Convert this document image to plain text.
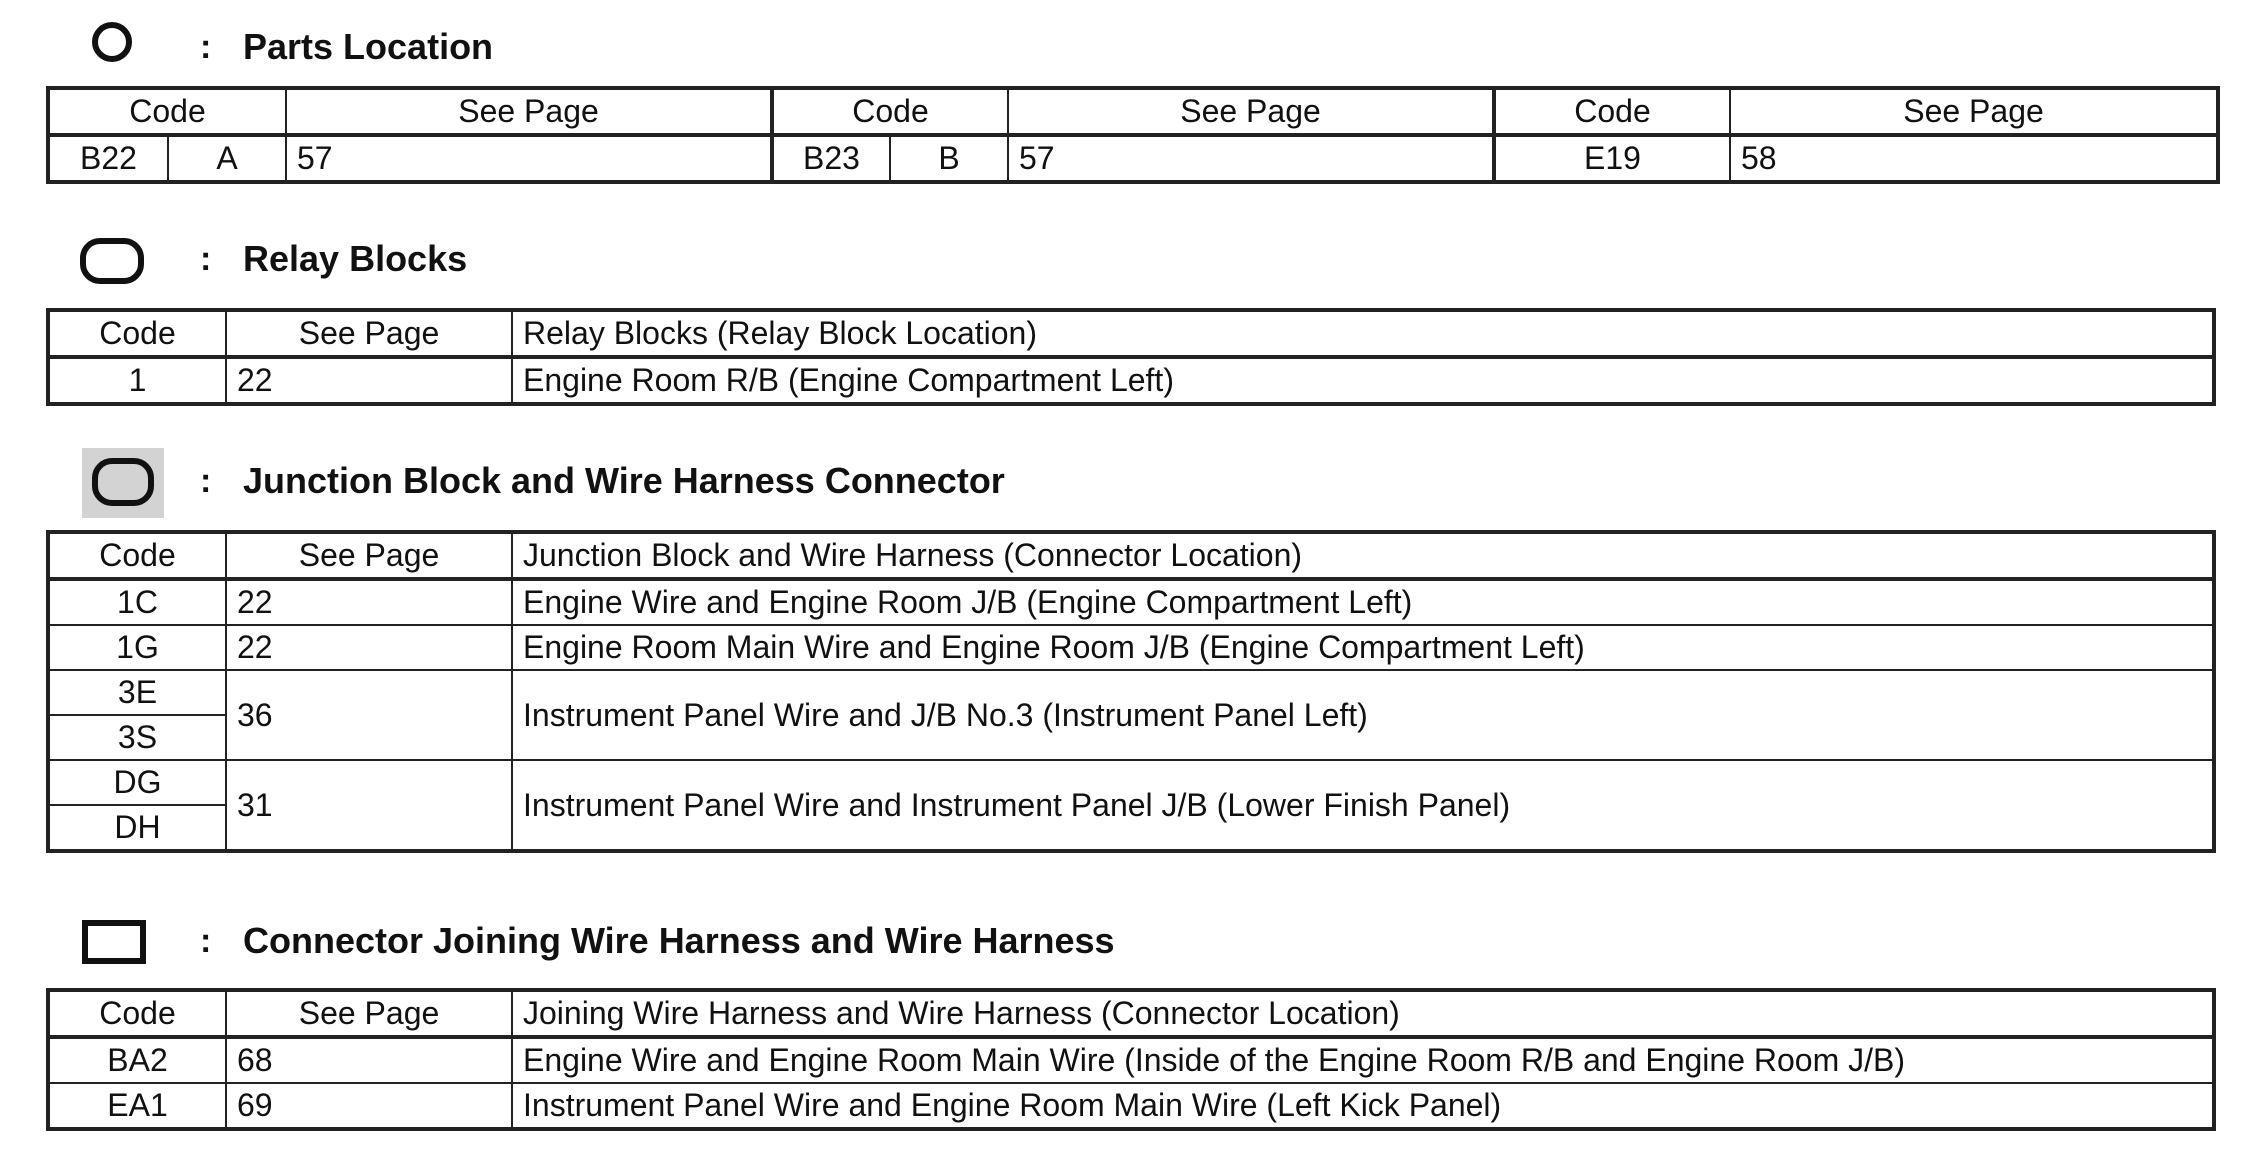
: Parts Location
Code		See Page	Code		See Page	Code	See Page
B22	A	57	B23	B	57	E19	58
: Relay Blocks
Code	See Page	Relay Blocks (Relay Block Location)
1	22	Engine Room R/B (Engine Compartment Left)
: Junction Block and Wire Harness Connector
Code	See Page	Junction Block and Wire Harness (Connector Location)
1C	22	Engine Wire and Engine Room J/B (Engine Compartment Left)
1G	22	Engine Room Main Wire and Engine Room J/B (Engine Compartment Left)
3E	36	Instrument Panel Wire and J/B No.3 (Instrument Panel Left)
3S		
DG	31	Instrument Panel Wire and Instrument Panel J/B (Lower Finish Panel)
DH		
: Connector Joining Wire Harness and Wire Harness
Code	See Page	Joining Wire Harness and Wire Harness (Connector Location)
BA2	68	Engine Wire and Engine Room Main Wire (Inside of the Engine Room R/B and Engine Room J/B)
EA1	69	Instrument Panel Wire and Engine Room Main Wire (Left Kick Panel)
